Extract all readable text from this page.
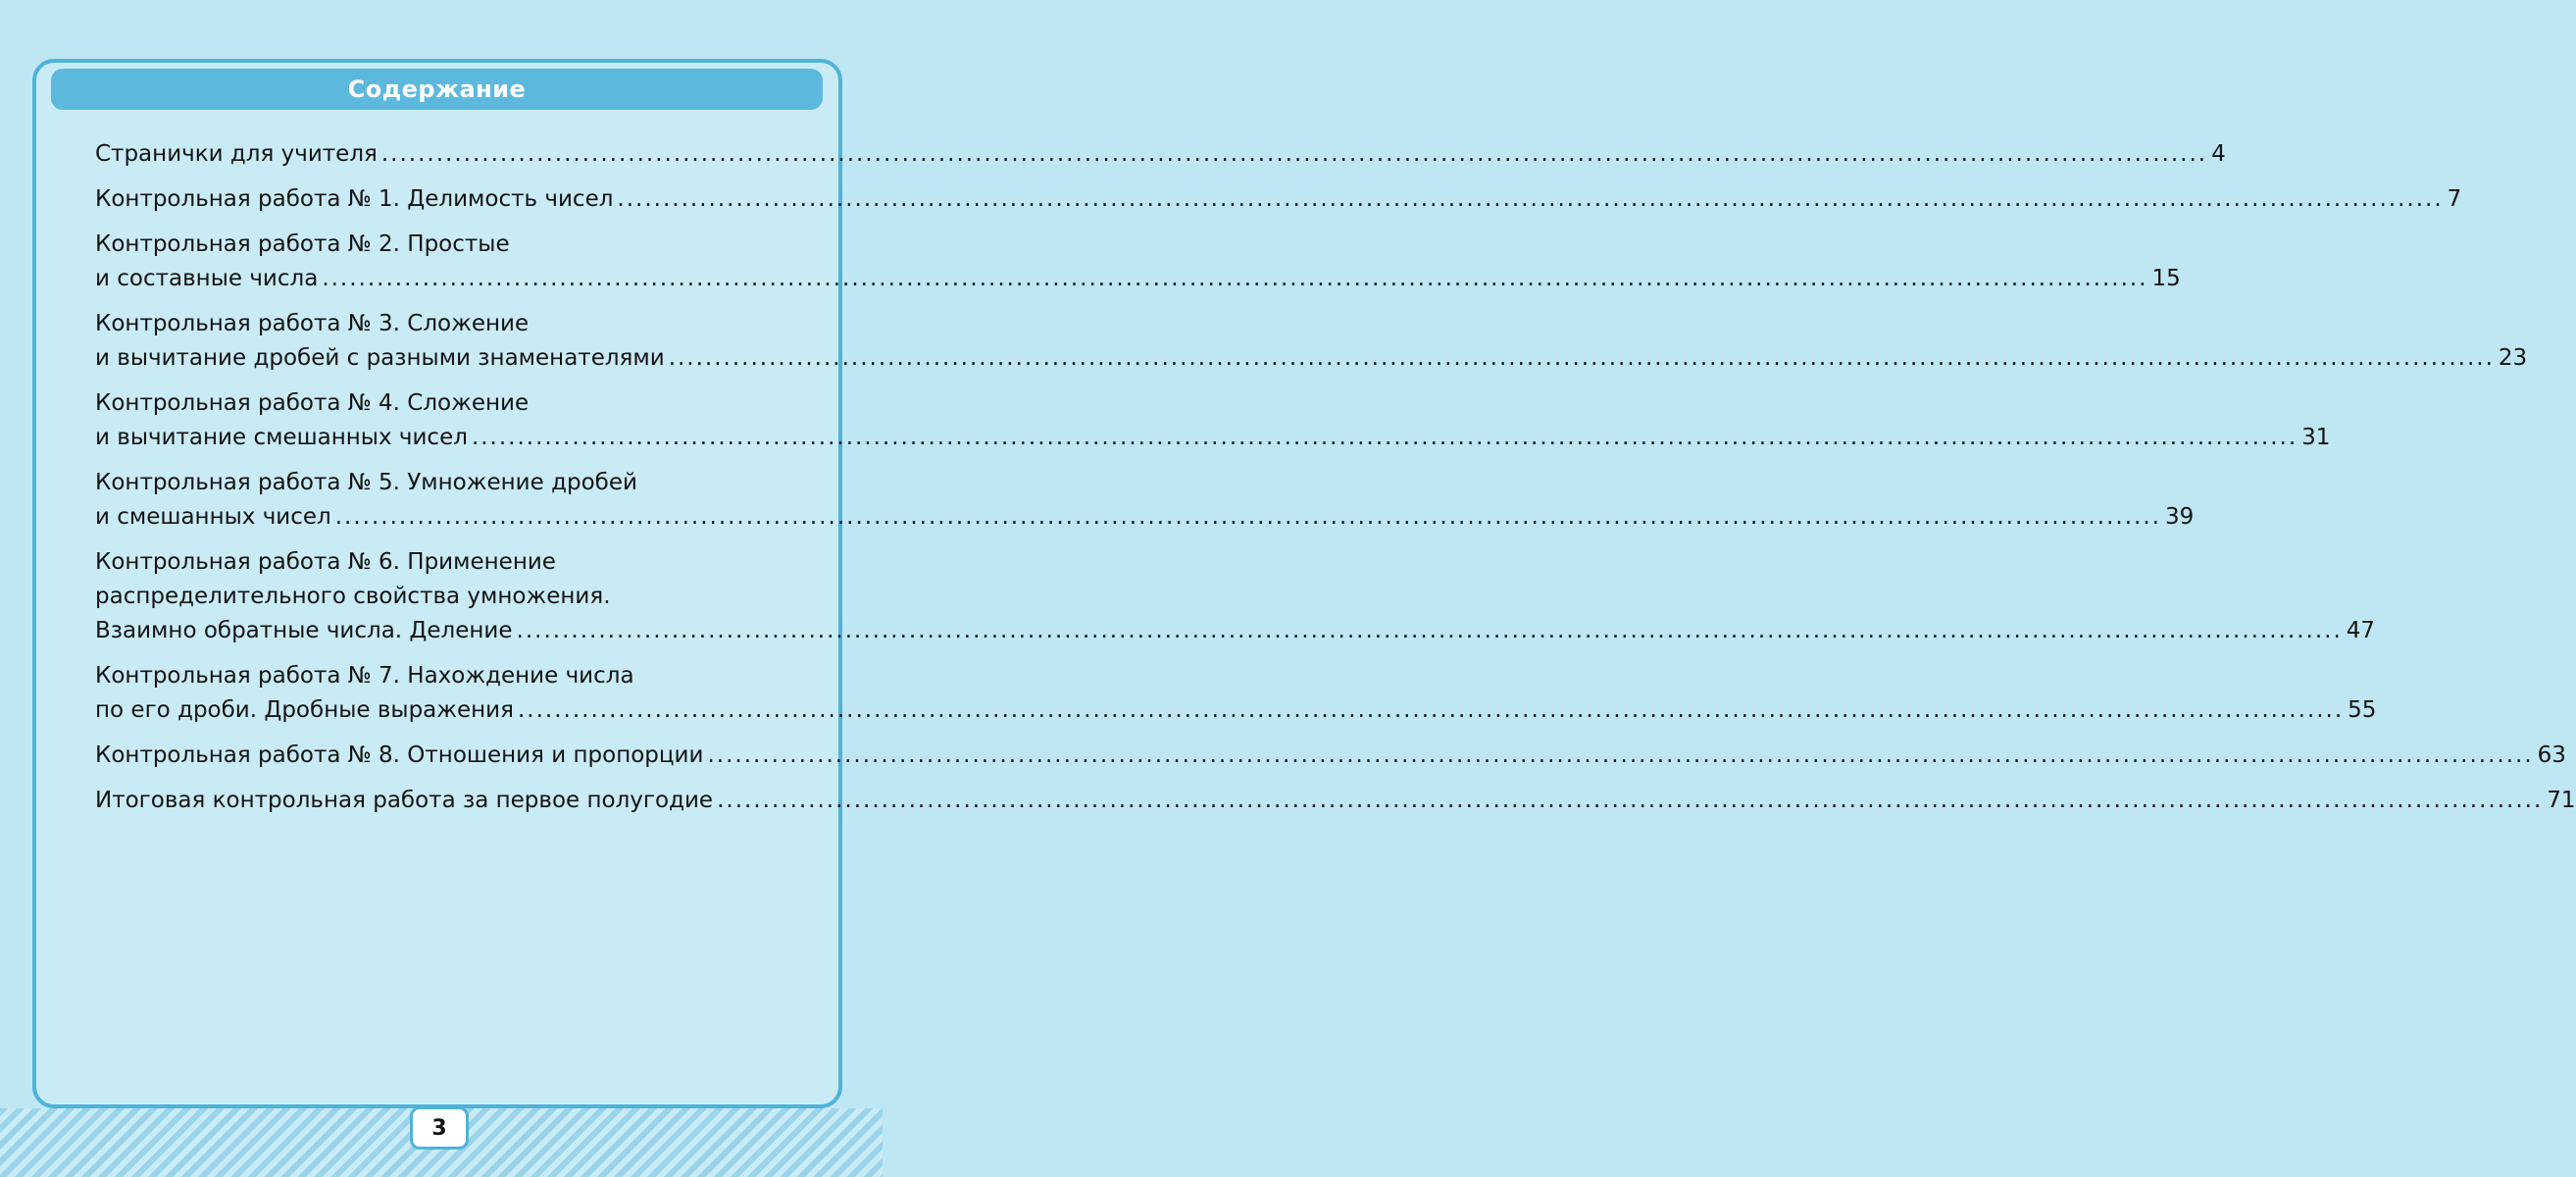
Содержание
Странички для учителя ........................................................................................................................................................................................................ 4
Контрольная работа № 1. Делимость чисел ........................................................................................................................................................................................................ 7
Контрольная работа № 2. Простые
и составные числа ........................................................................................................................................................................................................ 15
Контрольная работа № 3. Сложение
и вычитание дробей с разными знаменателями ........................................................................................................................................................................................................ 23
Контрольная работа № 4. Сложение
и вычитание смешанных чисел ........................................................................................................................................................................................................ 31
Контрольная работа № 5. Умножение дробей
и смешанных чисел ........................................................................................................................................................................................................ 39
Контрольная работа № 6. Применение
распределительного свойства умножения.
Взаимно обратные числа. Деление ........................................................................................................................................................................................................ 47
Контрольная работа № 7. Нахождение числа
по его дроби. Дробные выражения ........................................................................................................................................................................................................ 55
Контрольная работа № 8. Отношения и пропорции ........................................................................................................................................................................................................ 63
Итоговая контрольная работа за первое полугодие ........................................................................................................................................................................................................ 71
3
